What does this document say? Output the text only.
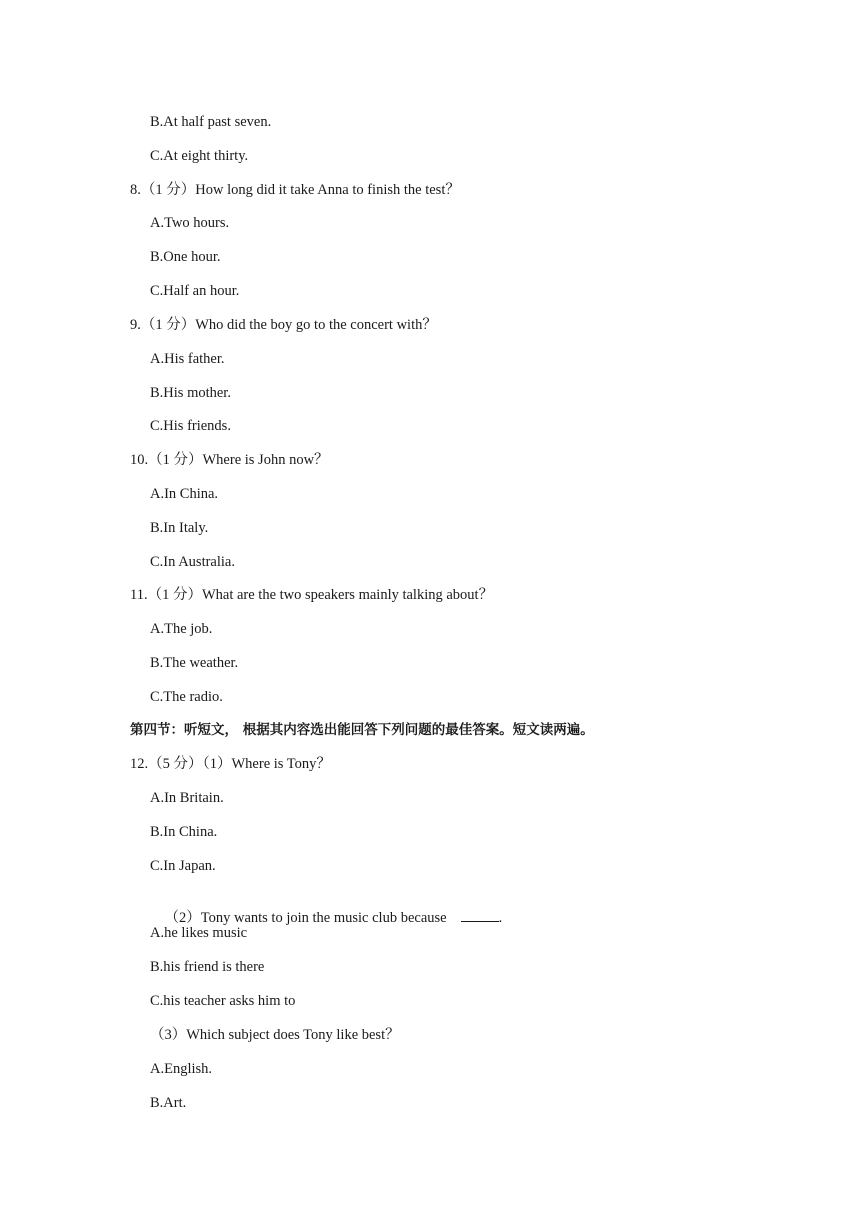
B.At half past seven.
C.At eight thirty.
8.（1 分）How long did it take Anna to finish the test？
A.Two hours.
B.One hour.
C.Half an hour.
9.（1 分）Who did the boy go to the concert with？
A.His father.
B.His mother.
C.His friends.
10.（1 分）Where is John now？
A.In China.
B.In Italy.
C.In Australia.
11.（1 分）What are the two speakers mainly talking about？
A.The job.
B.The weather.
C.The radio.
第四节：听短文， 根据其内容选出能回答下列问题的最佳答案。短文读两遍。
12.（5 分）（1）Where is Tony？
A.In Britain.
B.In China.
C.In Japan.

（2）Tony wants to join the music club because	.

A.he likes music
B.his friend is there
C.his teacher asks him to
（3）Which subject does Tony like best？
A.English.
B.Art.
